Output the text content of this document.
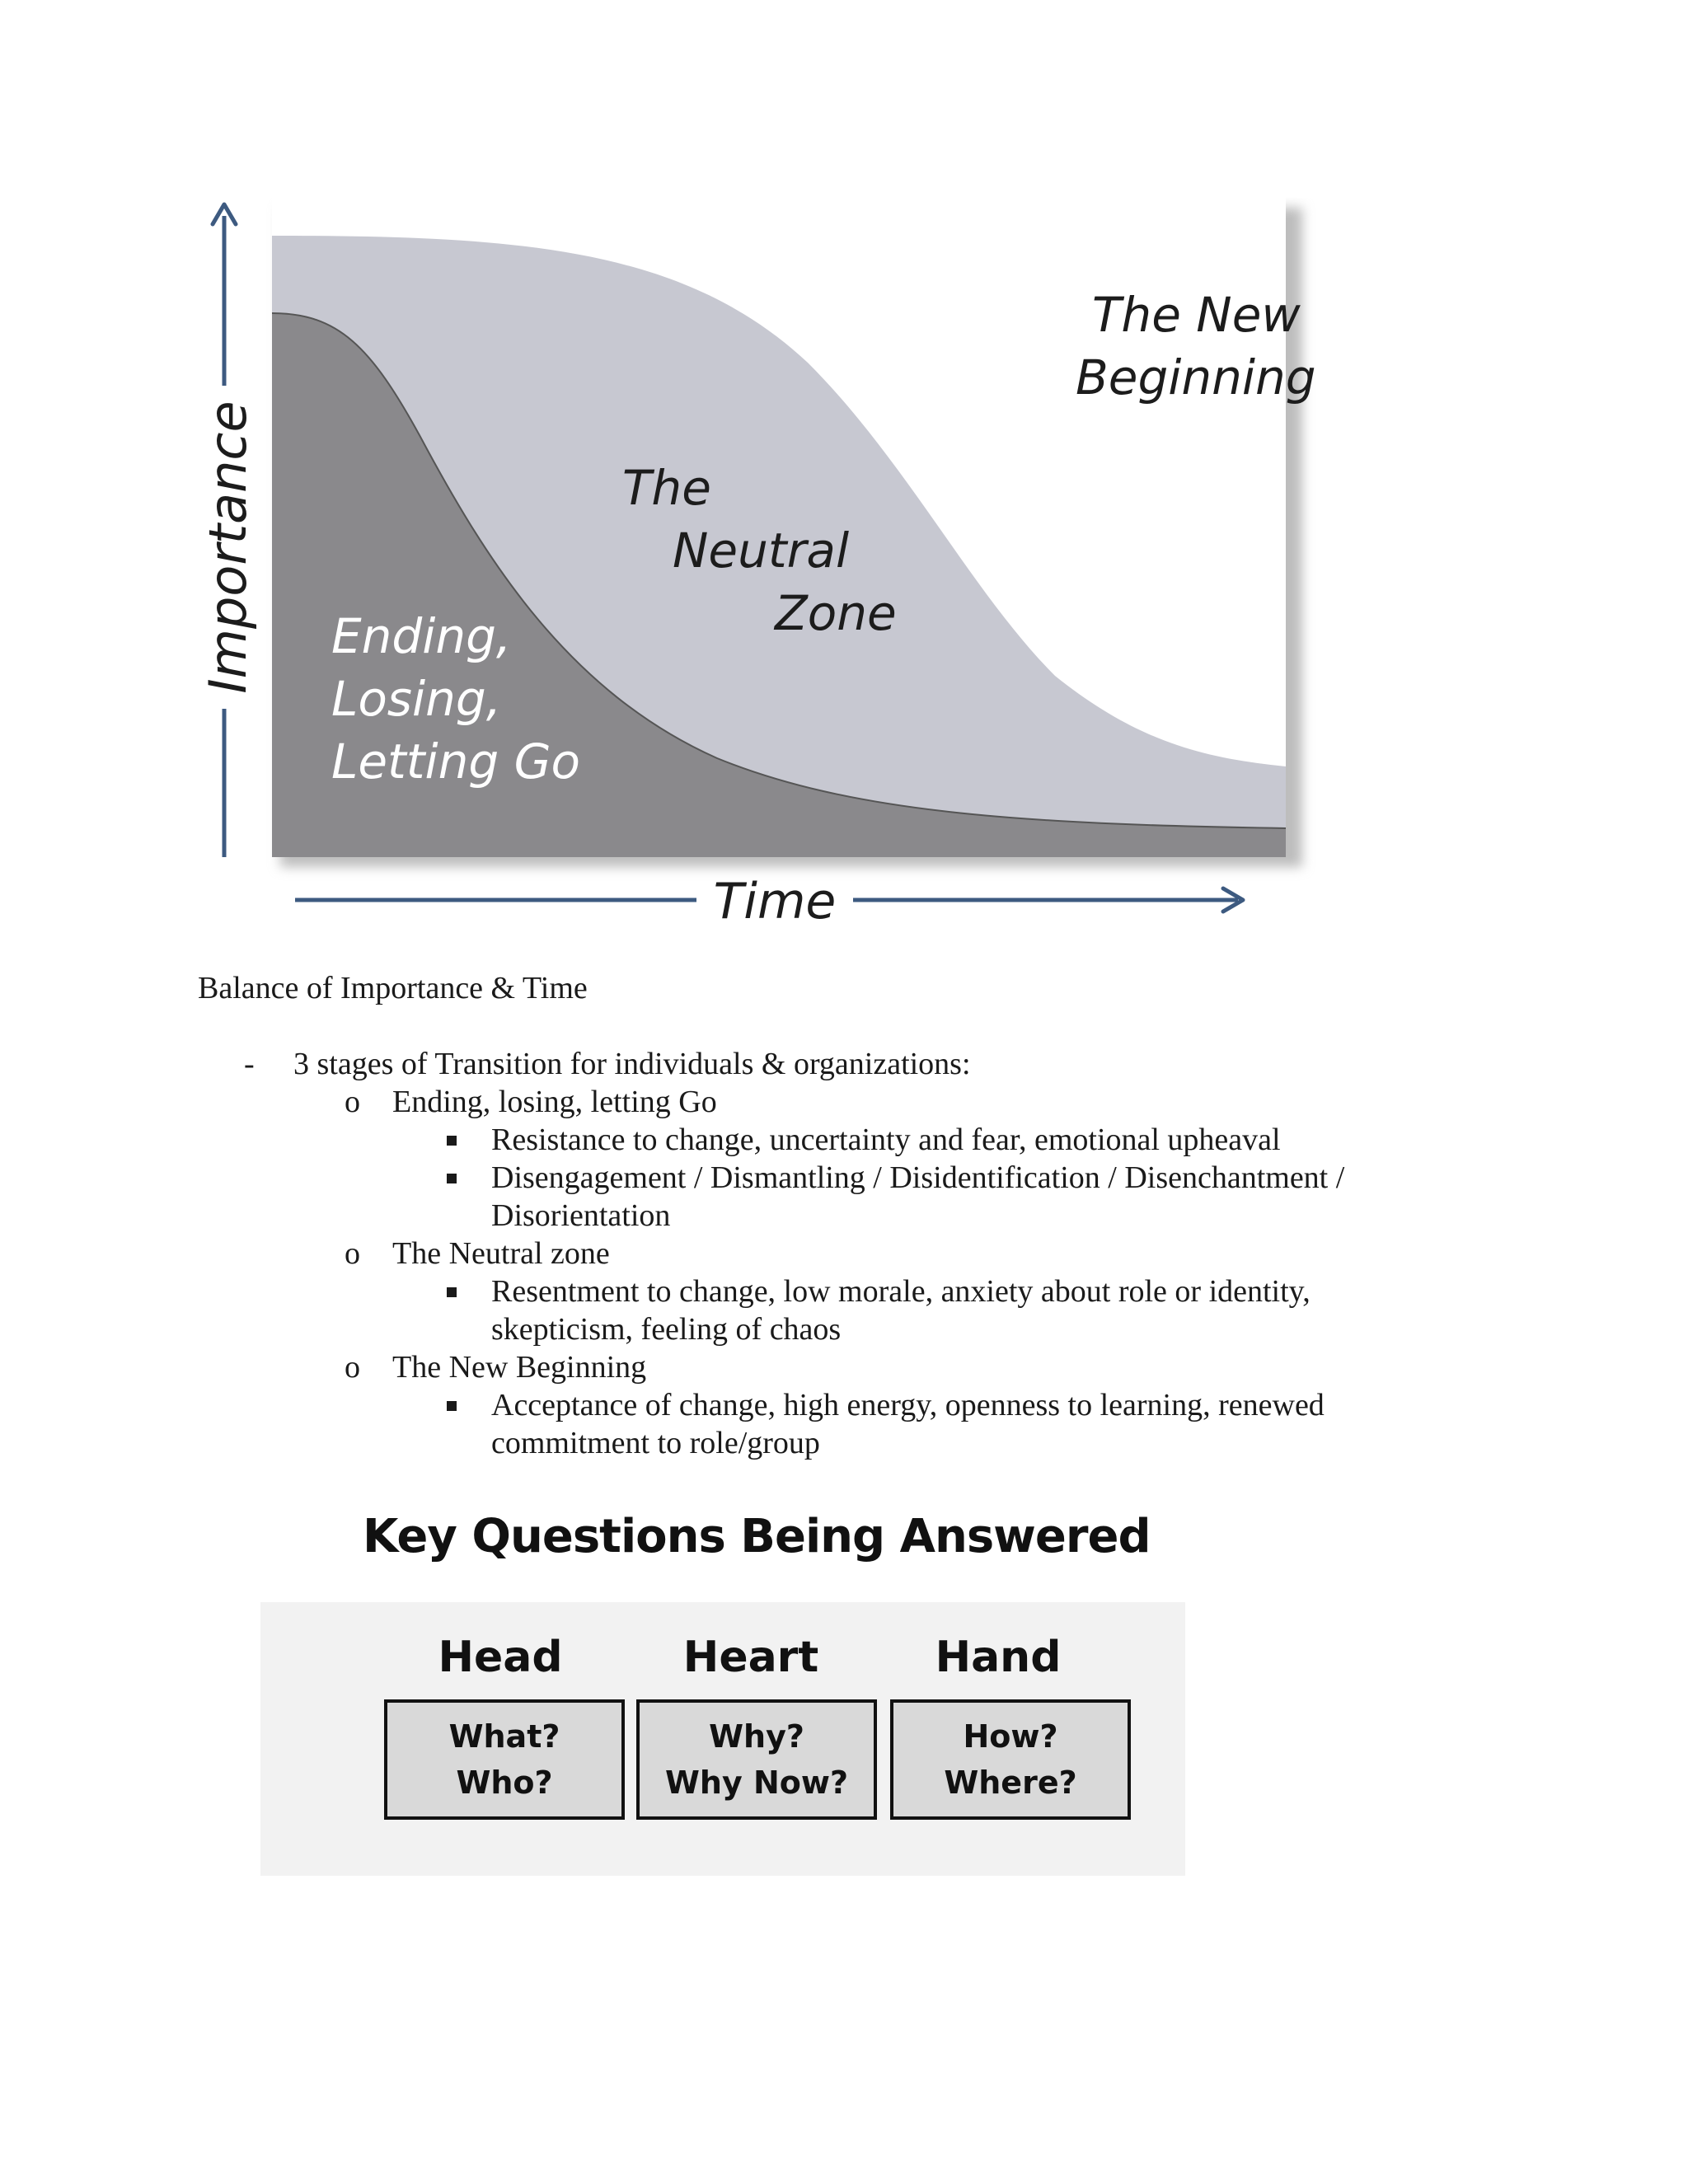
Importance
Time
Ending,
Losing,
Letting Go
The
Neutral
Zone
The New
Beginning
Balance of Importance & Time
- 3 stages of Transition for individuals & organizations:
o Ending, losing, letting Go
Resistance to change, uncertainty and fear, emotional upheaval
Disengagement / Dismantling / Disidentification / Disenchantment /
Disorientation
o The Neutral zone
Resentment to change, low morale, anxiety about role or identity,
skepticism, feeling of chaos
o The New Beginning
Acceptance of change, high energy, openness to learning, renewed
commitment to role/group
Key Questions Being Answered
Head
What?
Who?
Heart
Why?
Why Now?
Hand
How?
Where?
